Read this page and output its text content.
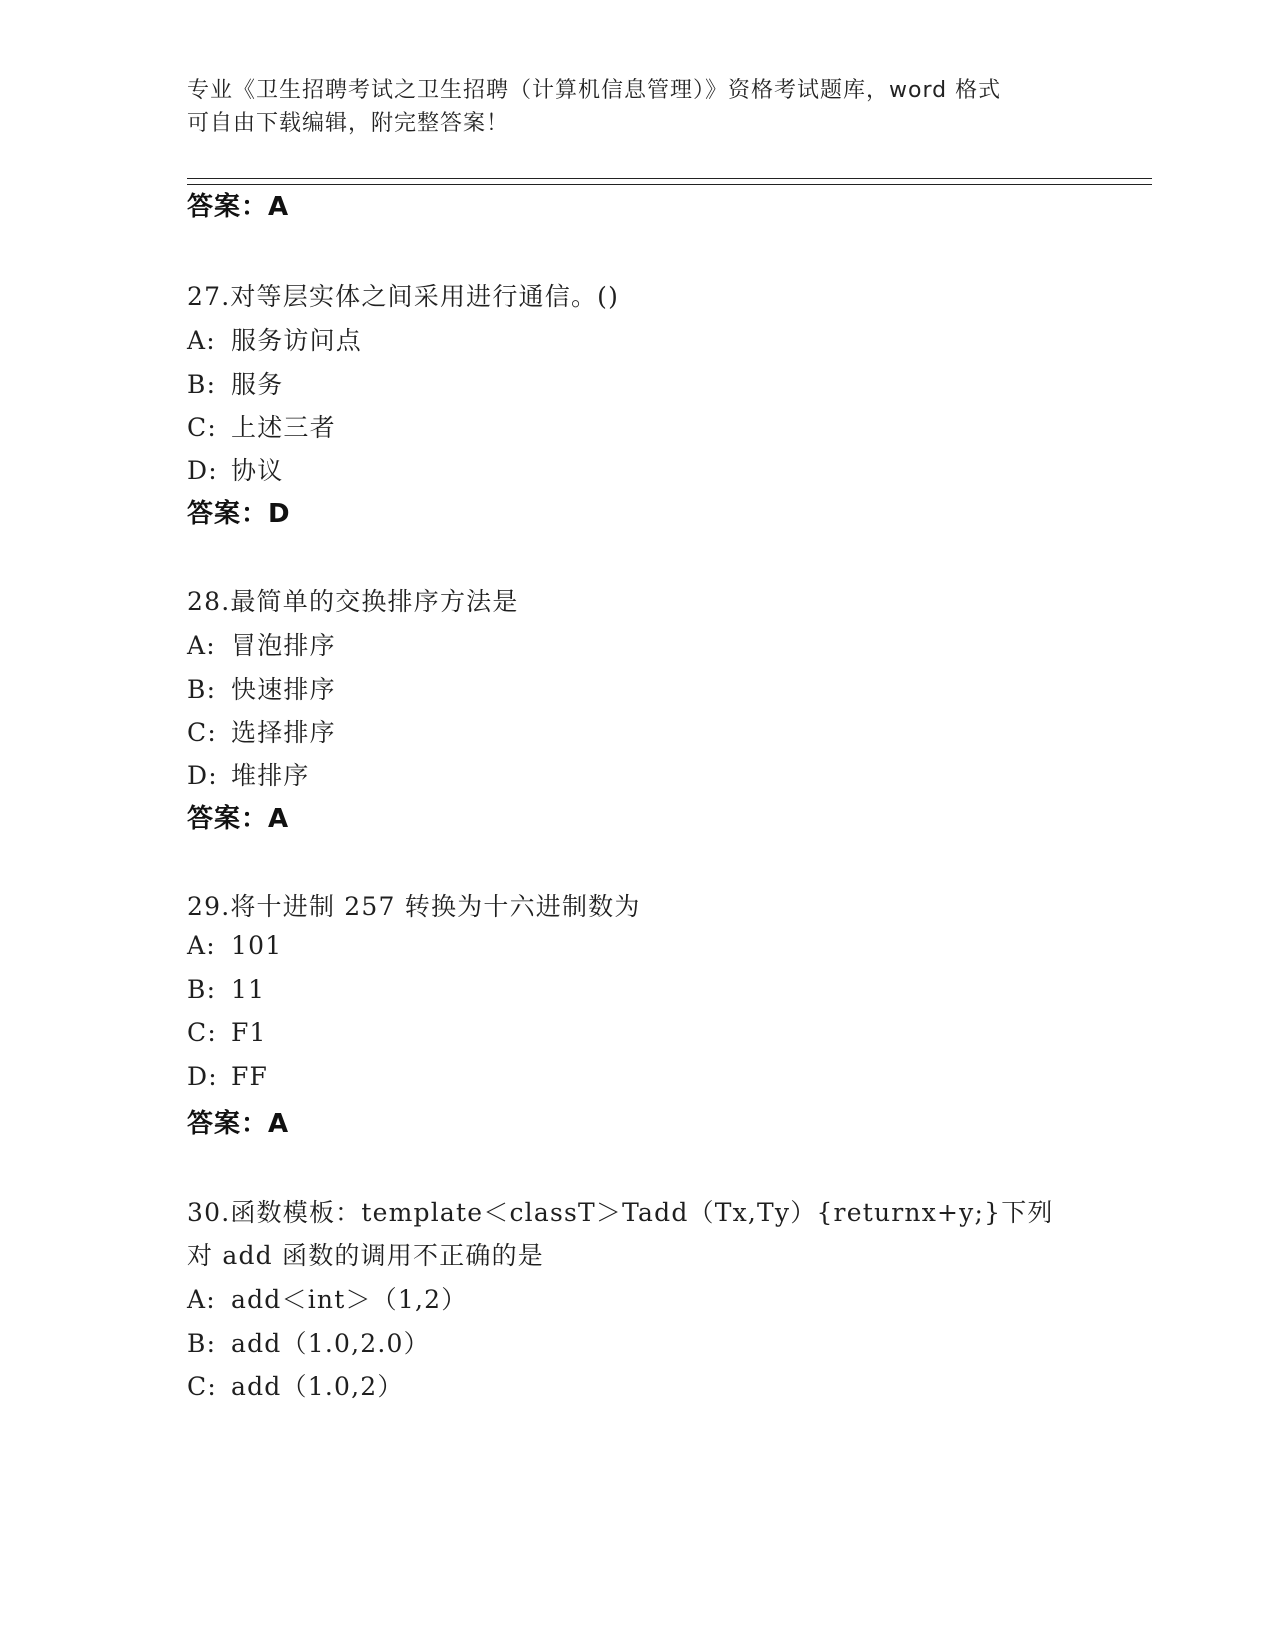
专业《卫生招聘考试之卫生招聘（计算机信息管理）》资格考试题库，word 格式
可自由下载编辑，附完整答案！
答案：A
27.对等层实体之间采用进行通信。()
A: 服务访问点
B: 服务
C: 上述三者
D: 协议
答案：D
28.最简单的交换排序方法是
A: 冒泡排序
B: 快速排序
C: 选择排序
D: 堆排序
答案：A
29.将十进制 257 转换为十六进制数为
A: 101
B: 11
C: F1
D: FF
答案：A
30.函数模板：template＜classT＞Tadd（Tx,Ty）{returnx+y;}下列
对 add 函数的调用不正确的是
A: add＜int＞（1,2）
B: add（1.0,2.0）
C: add（1.0,2）
